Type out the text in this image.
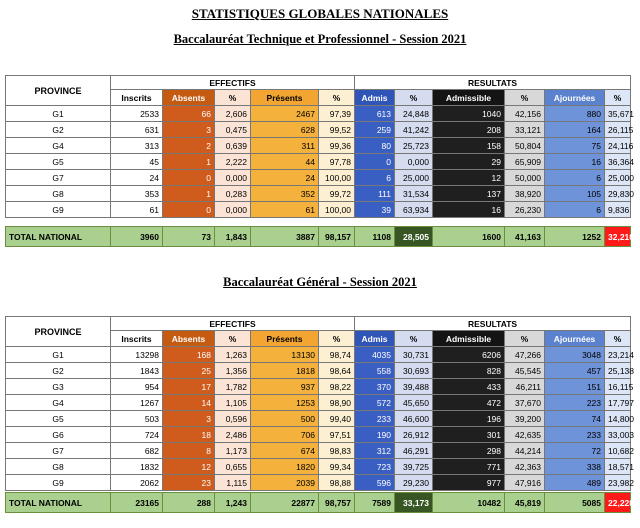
STATISTIQUES GLOBALES NATIONALES
Baccalauréat Technique et Professionnel - Session 2021
PROVINCE	EFFECTIFS					RESULTATS					
	Inscrits	Absents	%	Présents	%	Admis	%	Admissible	%	Ajournées	%
G1	2533	66	2,606	2467	97,39	613	24,848	1040	42,156	880	35,671
G2	631	3	0,475	628	99,52	259	41,242	208	33,121	164	26,115
G4	313	2	0,639	311	99,36	80	25,723	158	50,804	75	24,116
G5	45	1	2,222	44	97,78	0	0,000	29	65,909	16	36,364
G7	24	0	0,000	24	100,00	6	25,000	12	50,000	6	25,000
G8	353	1	0,283	352	99,72	111	31,534	137	38,920	105	29,830
G9	61	0	0,000	61	100,00	39	63,934	16	26,230	6	9,836
TOTAL NATIONAL	3960	73	1,843	3887	98,157	1108	28,505	1600	41,163	1252	32,210
Baccalauréat Général - Session 2021
PROVINCE	EFFECTIFS					RESULTATS					
	Inscrits	Absents	%	Présents	%	Admis	%	Admissible	%	Ajournées	%
G1	13298	168	1,263	13130	98,74	4035	30,731	6206	47,266	3048	23,214
G2	1843	25	1,356	1818	98,64	558	30,693	828	45,545	457	25,138
G3	954	17	1,782	937	98,22	370	39,488	433	46,211	151	16,115
G4	1267	14	1,105	1253	98,90	572	45,650	472	37,670	223	17,797
G5	503	3	0,596	500	99,40	233	46,600	196	39,200	74	14,800
G6	724	18	2,486	706	97,51	190	26,912	301	42,635	233	33,003
G7	682	8	1,173	674	98,83	312	46,291	298	44,214	72	10,682
G8	1832	12	0,655	1820	99,34	723	39,725	771	42,363	338	18,571
G9	2062	23	1,115	2039	98,88	596	29,230	977	47,916	489	23,982
TOTAL NATIONAL	23165	288	1,243	22877	98,757	7589	33,173	10482	45,819	5085	22,228
